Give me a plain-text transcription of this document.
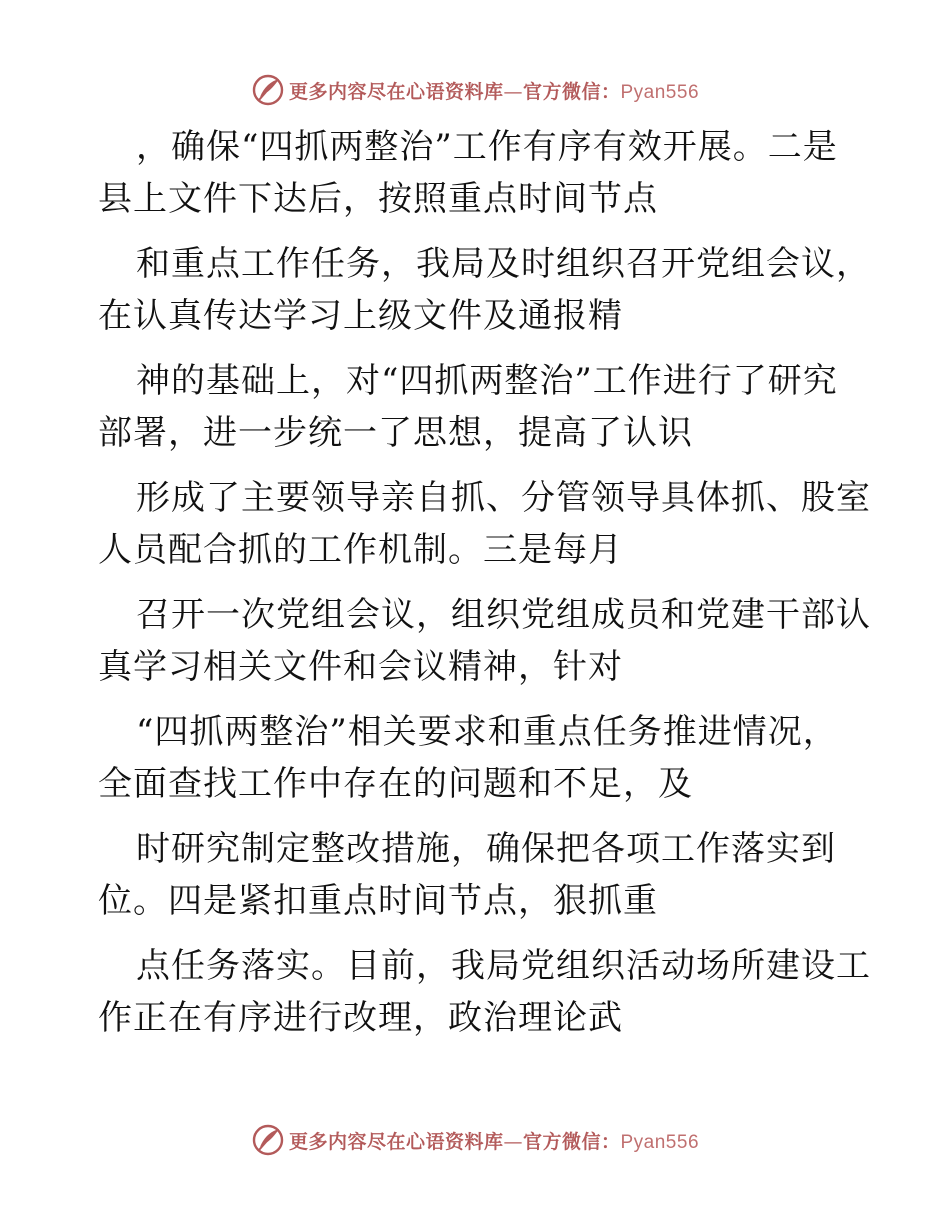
更多内容尽在心语资料库—官方微信：Pyan556
，确保“四抓两整治”工作有序有效开展。二是
县上文件下达后，按照重点时间节点
和重点工作任务，我局及时组织召开党组会议，
在认真传达学习上级文件及通报精
神的基础上，对“四抓两整治”工作进行了研究
部署，进一步统一了思想，提高了认识
形成了主要领导亲自抓、分管领导具体抓、股室
人员配合抓的工作机制。三是每月
召开一次党组会议，组织党组成员和党建干部认
真学习相关文件和会议精神，针对
“四抓两整治”相关要求和重点任务推进情况，
全面查找工作中存在的问题和不足，及
时研究制定整改措施，确保把各项工作落实到
位。四是紧扣重点时间节点，狠抓重
点任务落实。目前，我局党组织活动场所建设工
作正在有序进行改理，政治理论武
更多内容尽在心语资料库—官方微信：Pyan556
